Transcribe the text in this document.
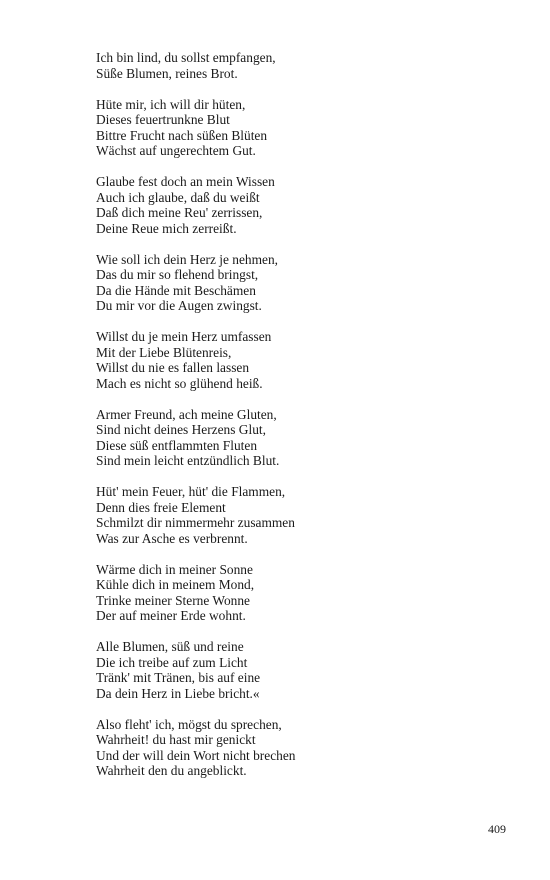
Ich bin lind, du sollst empfangen,
Süße Blumen, reines Brot.
Hüte mir, ich will dir hüten,
Dieses feuertrunkne Blut
Bittre Frucht nach süßen Blüten
Wächst auf ungerechtem Gut.
Glaube fest doch an mein Wissen
Auch ich glaube, daß du weißt
Daß dich meine Reu' zerrissen,
Deine Reue mich zerreißt.
Wie soll ich dein Herz je nehmen,
Das du mir so flehend bringst,
Da die Hände mit Beschämen
Du mir vor die Augen zwingst.
Willst du je mein Herz umfassen
Mit der Liebe Blütenreis,
Willst du nie es fallen lassen
Mach es nicht so glühend heiß.
Armer Freund, ach meine Gluten,
Sind nicht deines Herzens Glut,
Diese süß entflammten Fluten
Sind mein leicht entzündlich Blut.
Hüt' mein Feuer, hüt' die Flammen,
Denn dies freie Element
Schmilzt dir nimmermehr zusammen
Was zur Asche es verbrennt.
Wärme dich in meiner Sonne
Kühle dich in meinem Mond,
Trinke meiner Sterne Wonne
Der auf meiner Erde wohnt.
Alle Blumen, süß und reine
Die ich treibe auf zum Licht
Tränk' mit Tränen, bis auf eine
Da dein Herz in Liebe bricht.«
Also fleht' ich, mögst du sprechen,
Wahrheit! du hast mir genickt
Und der will dein Wort nicht brechen
Wahrheit den du angeblickt.
409
